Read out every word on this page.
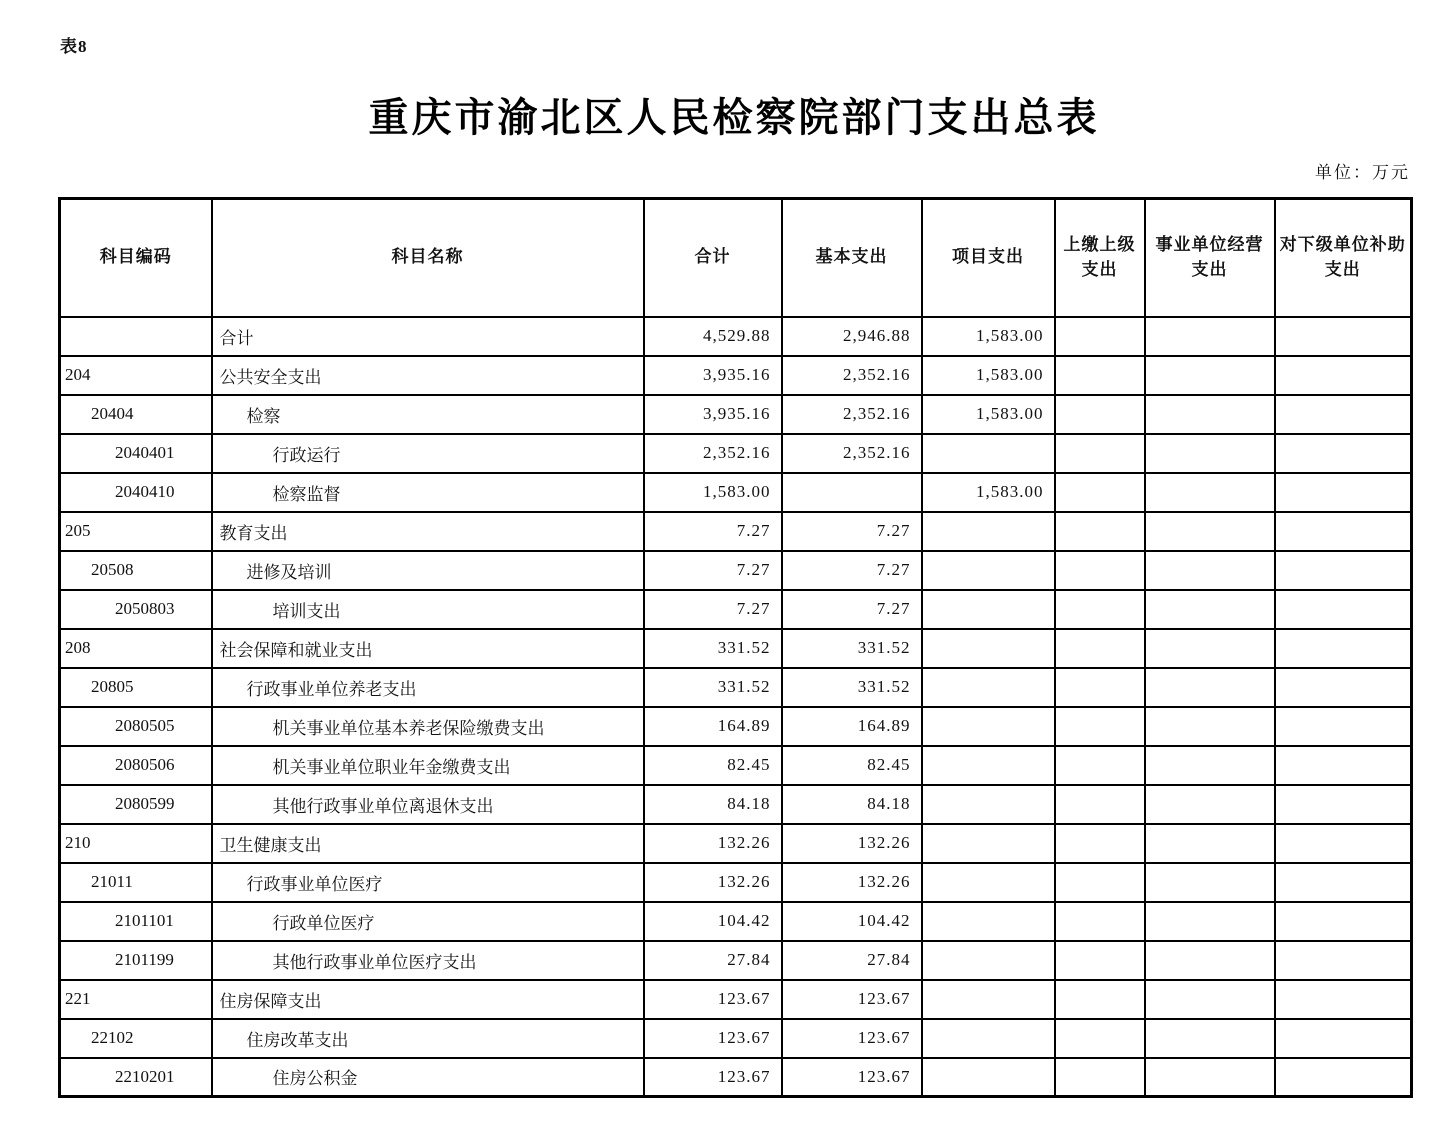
表8
重庆市渝北区人民检察院部门支出总表
单位：万元
科目编码	科目名称	合计	基本支出	项目支出	上缴上级支出	事业单位经营支出	对下级单位补助支出
	合计	4,529.88	2,946.88	1,583.00			
204	公共安全支出	3,935.16	2,352.16	1,583.00			
20404	检察	3,935.16	2,352.16	1,583.00			
2040401	行政运行	2,352.16	2,352.16				
2040410	检察监督	1,583.00		1,583.00			
205	教育支出	7.27	7.27				
20508	进修及培训	7.27	7.27				
2050803	培训支出	7.27	7.27				
208	社会保障和就业支出	331.52	331.52				
20805	行政事业单位养老支出	331.52	331.52				
2080505	机关事业单位基本养老保险缴费支出	164.89	164.89				
2080506	机关事业单位职业年金缴费支出	82.45	82.45				
2080599	其他行政事业单位离退休支出	84.18	84.18				
210	卫生健康支出	132.26	132.26				
21011	行政事业单位医疗	132.26	132.26				
2101101	行政单位医疗	104.42	104.42				
2101199	其他行政事业单位医疗支出	27.84	27.84				
221	住房保障支出	123.67	123.67				
22102	住房改革支出	123.67	123.67				
2210201	住房公积金	123.67	123.67				
